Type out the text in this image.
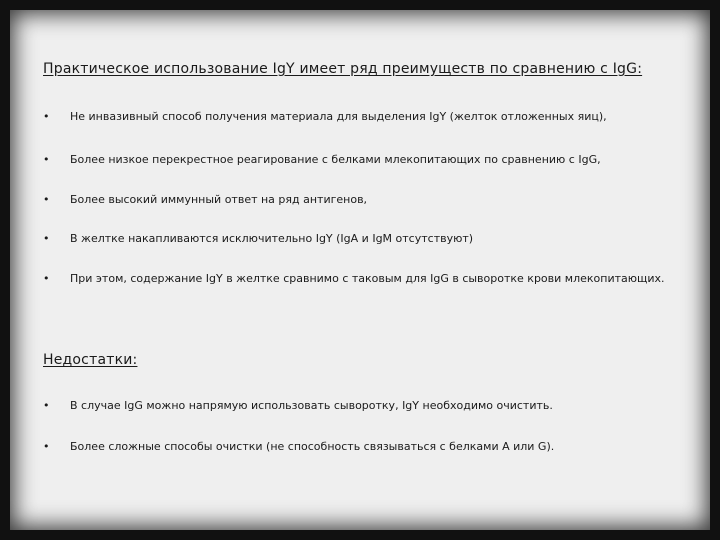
Практическое использование IgY имеет ряд преимуществ по сравнению с IgG:
• Не инвазивный способ получения материала для выделения IgY (желток отложенных яиц),
• Более низкое перекрестное реагирование с белками млекопитающих по сравнению с IgG,
• Более высокий иммунный ответ на ряд антигенов,
• В желтке накапливаются исключительно IgY (IgA и IgM отсутствуют)
• При этом, содержание IgY в желтке сравнимо с таковым для IgG в сыворотке крови млекопитающих.
Недостатки:
• В случае IgG можно напрямую использовать сыворотку, IgY необходимо очистить.
• Более сложные способы очистки (не способность связываться с белками А или G).
